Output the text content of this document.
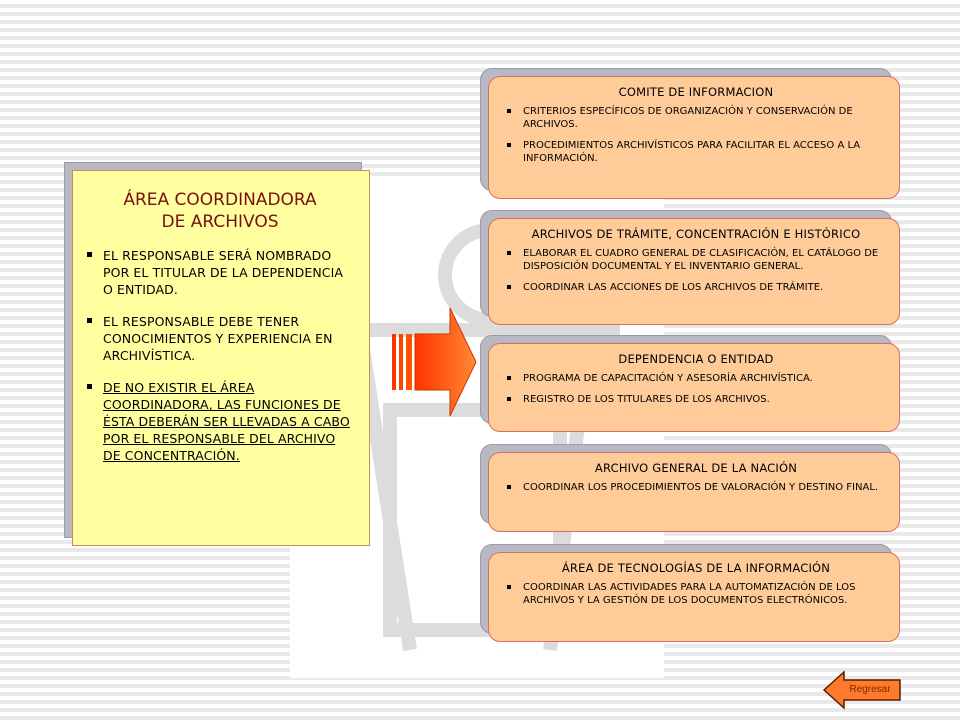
ÁREA COORDINADORA
DE ARCHIVOS
EL RESPONSABLE SERÁ NOMBRADO POR EL TITULAR DE LA DEPENDENCIA O ENTIDAD.
EL RESPONSABLE DEBE TENER CONOCIMIENTOS Y EXPERIENCIA EN ARCHIVÍSTICA.
DE NO EXISTIR EL ÁREA COORDINADORA, LAS FUNCIONES DE ÉSTA DEBERÁN SER LLEVADAS A CABO POR EL RESPONSABLE DEL ARCHIVO DE CONCENTRACIÓN.
COMITE DE INFORMACION
CRITERIOS ESPECÍFICOS DE ORGANIZACIÓN Y CONSERVACIÓN DE ARCHIVOS.
PROCEDIMIENTOS ARCHIVÍSTICOS PARA FACILITAR EL ACCESO A LA INFORMACIÓN.
ARCHIVOS DE TRÁMITE, CONCENTRACIÓN E HISTÓRICO
ELABORAR EL CUADRO GENERAL DE CLASIFICACIÓN, EL CATÁLOGO DE DISPOSICIÓN DOCUMENTAL Y EL INVENTARIO GENERAL.
COORDINAR LAS ACCIONES DE LOS ARCHIVOS DE TRÁMITE.
DEPENDENCIA O ENTIDAD
PROGRAMA DE CAPACITACIÓN Y ASESORÍA ARCHIVÍSTICA.
REGISTRO DE LOS TITULARES DE LOS ARCHIVOS.
ARCHIVO GENERAL DE LA NACIÓN
COORDINAR LOS PROCEDIMIENTOS DE VALORACIÓN Y DESTINO FINAL.
ÁREA DE TECNOLOGÍAS DE LA INFORMACIÓN
COORDINAR LAS ACTIVIDADES PARA LA AUTOMATIZACIÓN DE LOS ARCHIVOS Y LA GESTIÓN DE LOS DOCUMENTOS ELECTRÓNICOS.
Regresar
